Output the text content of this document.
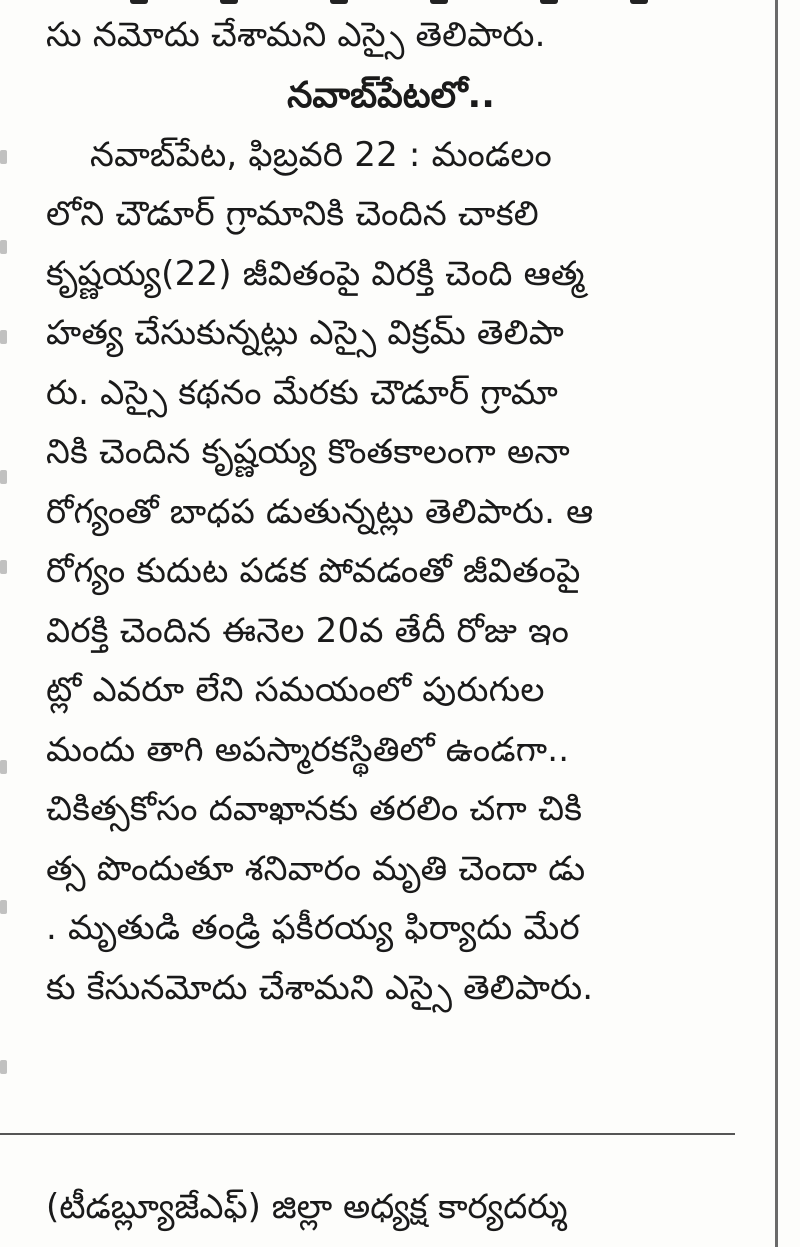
సు నమోదు చేశామని ఎస్సై తెలిపారు.
నవాబ్‌పేటలో..
నవాబ్‌పేట, ఫిబ్రవరి 22 : మండలం
లోని చౌడూర్ గ్రామానికి చెందిన చాకలి
కృష్ణయ్య(22) జీవితంపై విరక్తి చెంది ఆత్మ
హత్య చేసుకున్నట్లు ఎస్సై విక్రమ్ తెలిపా
రు. ఎస్సై కథనం మేరకు చౌడూర్ గ్రామా
నికి చెందిన కృష్ణయ్య కొంతకాలంగా అనా
రోగ్యంతో బాధప డుతున్నట్లు తెలిపారు. ఆ
రోగ్యం కుదుట పడక పోవడంతో జీవితంపై
విరక్తి చెందిన ఈనెల 20వ తేదీ రోజు ఇం
ట్లో ఎవరూ లేని సమయంలో పురుగుల
మందు తాగి అపస్మారకస్థితిలో ఉండగా..
చికిత్సకోసం దవాఖానకు తరలిం చగా చికి
త్స పొందుతూ శనివారం మృతి చెందా డు
. మృతుడి తండ్రి ఫకీరయ్య ఫిర్యాదు మేర
కు కేసునమోదు చేశామని ఎస్సై తెలిపారు.
(టీడబ్ల్యూజేఎఫ్) జిల్లా అధ్యక్ష కార్యదర్శు
